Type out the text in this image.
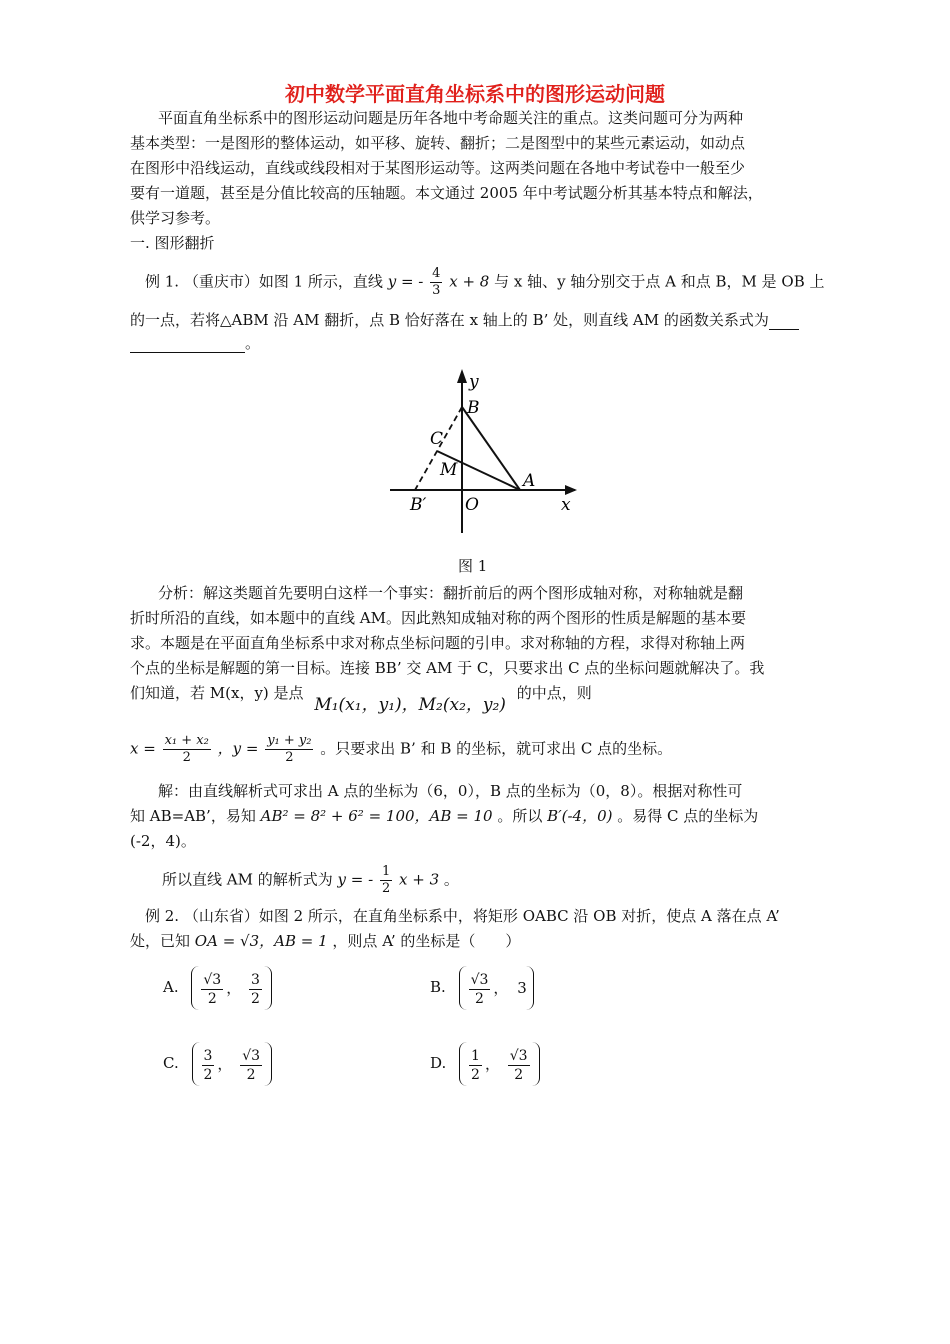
初中数学平面直角坐标系中的图形运动问题
平面直角坐标系中的图形运动问题是历年各地中考命题关注的重点。这类问题可分为两种
基本类型：一是图形的整体运动，如平移、旋转、翻折；二是图型中的某些元素运动，如动点
在图形中沿线运动，直线或线段相对于某图形运动等。这两类问题在各地中考试卷中一般至少
要有一道题，甚至是分值比较高的压轴题。本文通过 2005 年中考试题分析其基本特点和解法，
供学习参考。
一. 图形翻折
例 1. （重庆市）如图 1 所示，直线 y = - $\frac{4}{3}$ x + 8 与 x 轴、y 轴分别交于点 A 和点 B，M 是 OB 上
的一点，若将△ABM 沿 AM 翻折，点 B 恰好落在 x 轴上的 B’ 处，则直线 AM 的函数关系式为
。
y
B
C
M
A
O
B′	x
图 1
分析：解这类题首先要明白这样一个事实：翻折前后的两个图形成轴对称，对称轴就是翻
折时所沿的直线，如本题中的直线 AM。因此熟知成轴对称的两个图形的性质是解题的基本要
求。本题是在平面直角坐标系中求对称点坐标问题的引申。求对称轴的方程，求得对称轴上两
个点的坐标是解题的第一目标。连接 BB’ 交 AM 于 C，只要求出 C 点的坐标问题就解决了。我
们知道，若 M(x，y) 是点 M₁(x₁，y₁)，M₂(x₂，y₂) 的中点，则
$x = \frac{\text{x₁ + x₂}}{2}$ ，$y = \frac{\text{y₁ + y₂}}{2}$ 。只要求出 B’ 和 B 的坐标，就可求出 C 点的坐标。
解：由直线解析式可求出 A 点的坐标为（6，0），B 点的坐标为（0，8）。根据对称性可
知 AB=AB’，易知 AB² = 8² + 6² = 100，AB = 10 。所以 B′(-4，0) 。易得 C 点的坐标为
(-2，4)。
所以直线 AM 的解析式为 y = - $\frac{1}{2}$ x + 3 。
例 2. （山东省）如图 2 所示，在直角坐标系中，将矩形 OABC 沿 OB 对折，使点 A 落在点 A’
处，已知 OA = √3，AB = 1 ，则点 A’ 的坐标是（　　）
A. $\frac{√3}{2}$ ， $\frac{3}{2}$	B. $\frac{√3}{2}$ ， 3
C. $\frac{3}{2}$ ， $\frac{√3}{2}$	D. $\frac{1}{2}$ ， $\frac{√3}{2}$
